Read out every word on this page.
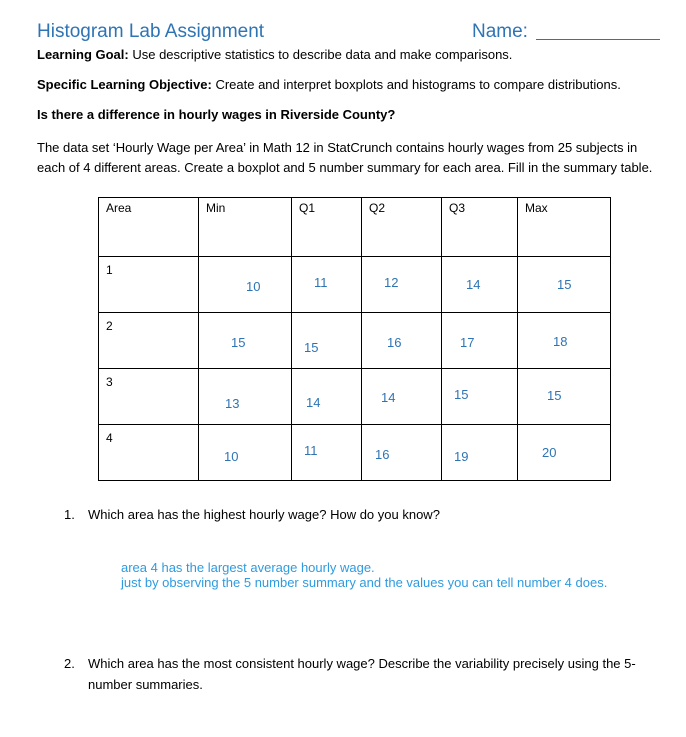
Histogram Lab Assignment	Name:
Learning Goal: Use descriptive statistics to describe data and make comparisons.
Specific Learning Objective: Create and interpret boxplots and histograms to compare distributions.
Is there a difference in hourly wages in Riverside County?
The data set ‘Hourly Wage per Area’ in Math 12 in StatCrunch contains hourly wages from 25 subjects in each of 4 different areas. Create a boxplot and 5 number summary for each area. Fill in the summary table.
Area	Min	Q1	Q2	Q3	Max

1	10	11	12	14	15

2	15	15	16	17	18

3	13	14	14	15	15

4	10	11	16	19	20
1. Which area has the highest hourly wage? How do you know?
area 4 has the largest average hourly wage.
just by observing the 5 number summary and the values you can tell number 4 does.
2. Which area has the most consistent hourly wage? Describe the variability precisely using the 5-
number summaries.
